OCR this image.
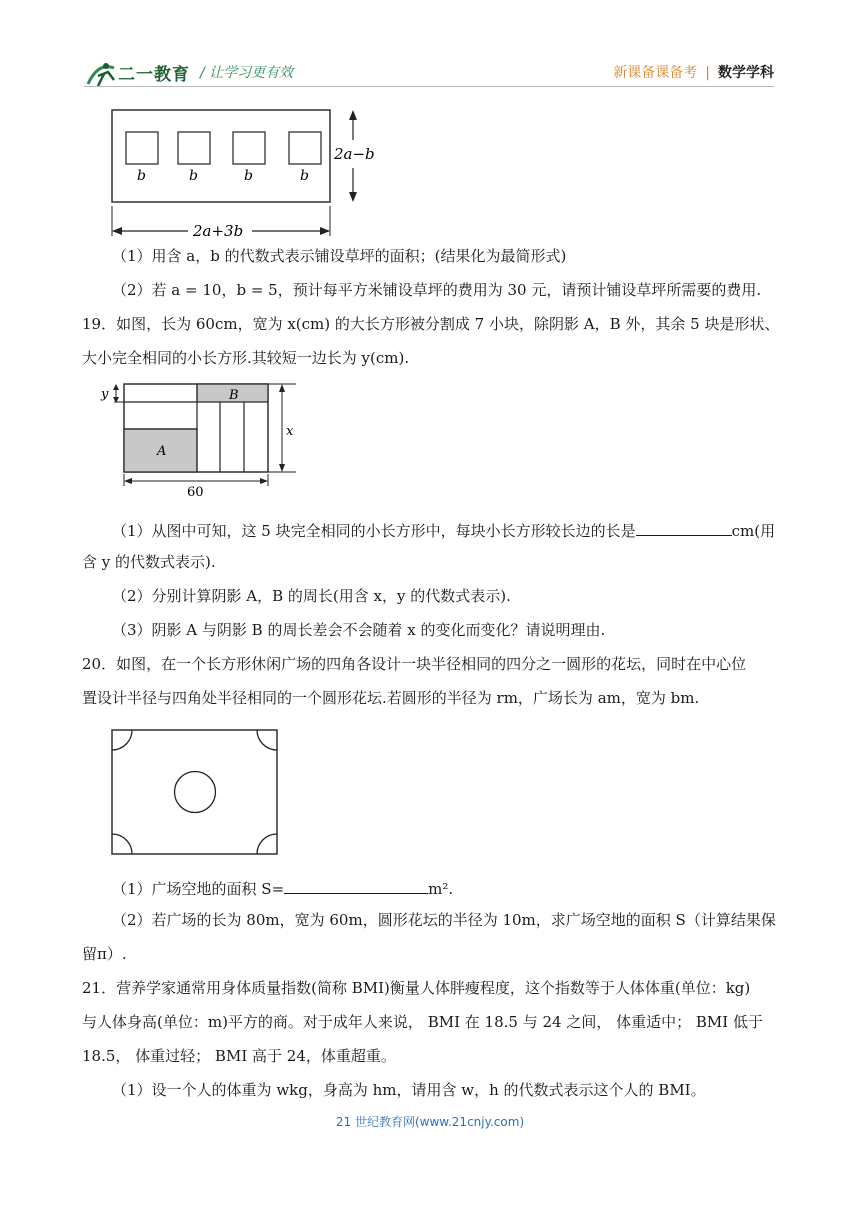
二一教育 / 让学习更有效	新课备课备考 | 数学学科
b	b	b	b
2a−b
2a+3b
（1）用含 a，b 的代数式表示铺设草坪的面积；(结果化为最简形式)
（2）若 a = 10，b = 5，预计每平方米铺设草坪的费用为 30 元，请预计铺设草坪所需要的费用.
19．如图，长为 60cm，宽为 x(cm) 的大长方形被分割成 7 小块，除阴影 A，B 外，其余 5 块是形状、
大小完全相同的小长方形.其较短一边长为 y(cm).
B
A
y
x
60
（1）从图中可知，这 5 块完全相同的小长方形中，每块小长方形较长边的长是	cm(用
含 y 的代数式表示).
（2）分别计算阴影 A，B 的周长(用含 x，y 的代数式表示).
（3）阴影 A 与阴影 B 的周长差会不会随着 x 的变化而变化？请说明理由.
20．如图，在一个长方形休闲广场的四角各设计一块半径相同的四分之一圆形的花坛，同时在中心位
置设计半径与四角处半径相同的一个圆形花坛.若圆形的半径为 rm，广场长为 am，宽为 bm.
（1）广场空地的面积 S=	m².
（2）若广场的长为 80m，宽为 60m，圆形花坛的半径为 10m，求广场空地的面积 S（计算结果保
留π）.
21．营养学家通常用身体质量指数(简称 BMI)衡量人体胖瘦程度，这个指数等于人体体重(单位：kg)
与人体身高(单位：m)平方的商。对于成年人来说， BMI 在 18.5 与 24 之间， 体重适中； BMI 低于
18.5， 体重过轻； BMI 高于 24，体重超重。
（1）设一个人的体重为 wkg，身高为 hm，请用含 w，h 的代数式表示这个人的 BMI。
21 世纪教育网(www.21cnjy.com)
